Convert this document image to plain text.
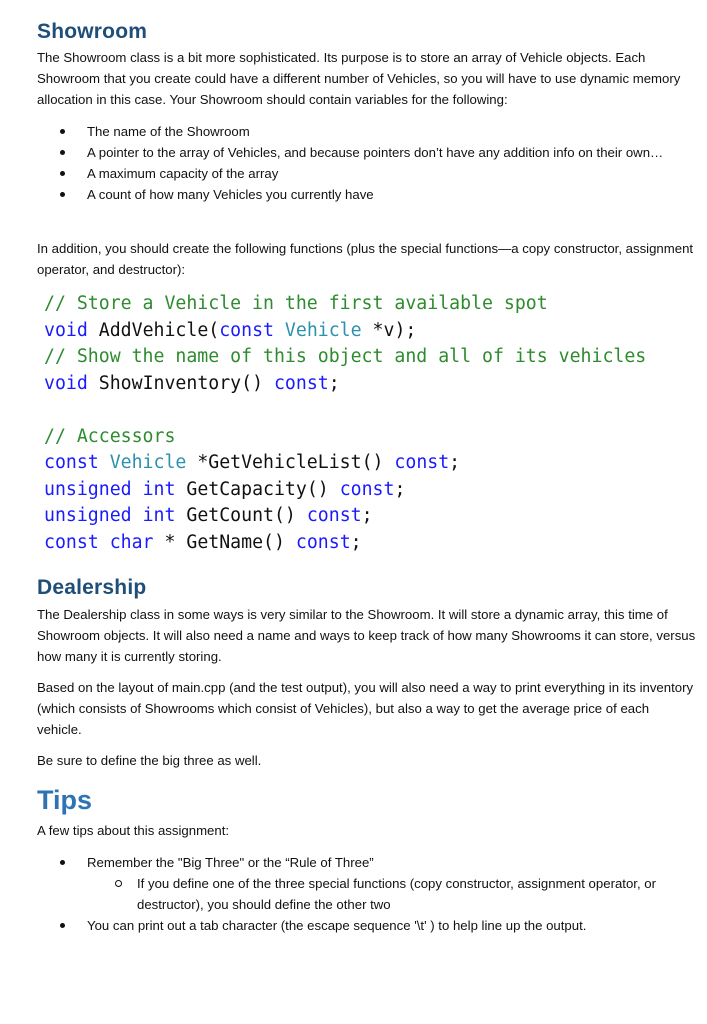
Showroom

The Showroom class is a bit more sophisticated. Its purpose is to store an array of Vehicle objects. Each Showroom that you create could have a different number of Vehicles, so you will have to use dynamic memory allocation in this case. Your Showroom should contain variables for the following:

The name of the Showroom
A pointer to the array of Vehicles, and because pointers don’t have any addition info on their own…
A maximum capacity of the array
A count of how many Vehicles you currently have

In addition, you should create the following functions (plus the special functions—a copy constructor, assignment operator, and destructor):

// Store a Vehicle in the first available spot
void AddVehicle(const Vehicle *v);
// Show the name of this object and all of its vehicles
void ShowInventory() const;

// Accessors
const Vehicle *GetVehicleList() const;
unsigned int GetCapacity() const;
unsigned int GetCount() const;
const char * GetName() const;
Dealership

The Dealership class in some ways is very similar to the Showroom. It will store a dynamic array, this time of Showroom objects. It will also need a name and ways to keep track of how many Showrooms it can store, versus how many it is currently storing.

Based on the layout of main.cpp (and the test output), you will also need a way to print everything in its inventory (which consists of Showrooms which consist of Vehicles), but also a way to get the average price of each vehicle.

Be sure to define the big three as well.

Tips

A few tips about this assignment:

Remember the "Big Three" or the “Rule of Three”
If you define one of the three special functions (copy constructor, assignment operator, or destructor), you should define the other two
You can print out a tab character (the escape sequence '\t' ) to help line up the output.
